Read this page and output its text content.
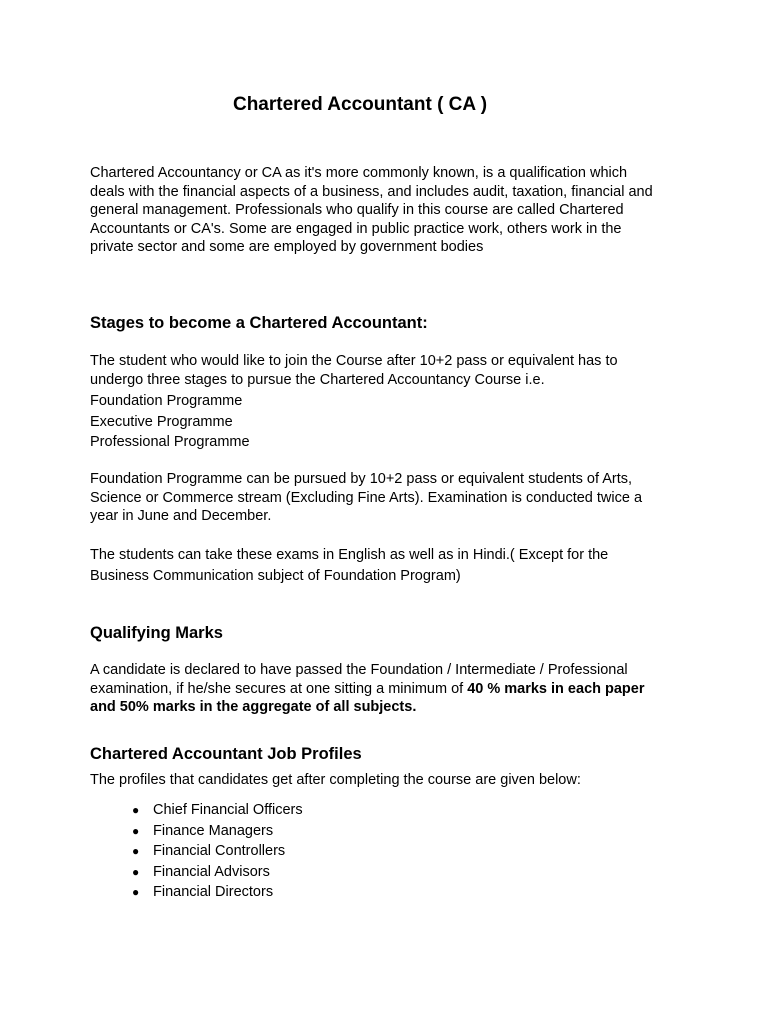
Chartered Accountant ( CA )
Chartered Accountancy or CA as it's more commonly known, is a qualification which
deals with the financial aspects of a business, and includes audit, taxation, financial and
general management. Professionals who qualify in this course are called Chartered
Accountants or CA's. Some are engaged in public practice work, others work in the
private sector and some are employed by government bodies
Stages to become a Chartered Accountant:
The student who would like to join the Course after 10+2 pass or equivalent has to
undergo three stages to pursue the Chartered Accountancy Course i.e.
Foundation Programme
Executive Programme
Professional Programme
Foundation Programme can be pursued by 10+2 pass or equivalent students of Arts,
Science or Commerce stream (Excluding Fine Arts). Examination is conducted twice a
year in June and December.
The students can take these exams in English as well as in Hindi.( Except for the
Business Communication subject of Foundation Program)
Qualifying Marks
A candidate is declared to have passed the Foundation / Intermediate / Professional
examination, if he/she secures at one sitting a minimum of 40 % marks in each paper
and 50% marks in the aggregate of all subjects.
Chartered Accountant Job Profiles
The profiles that candidates get after completing the course are given below:
● Chief Financial Officers
● Finance Managers
● Financial Controllers
● Financial Advisors
● Financial Directors
